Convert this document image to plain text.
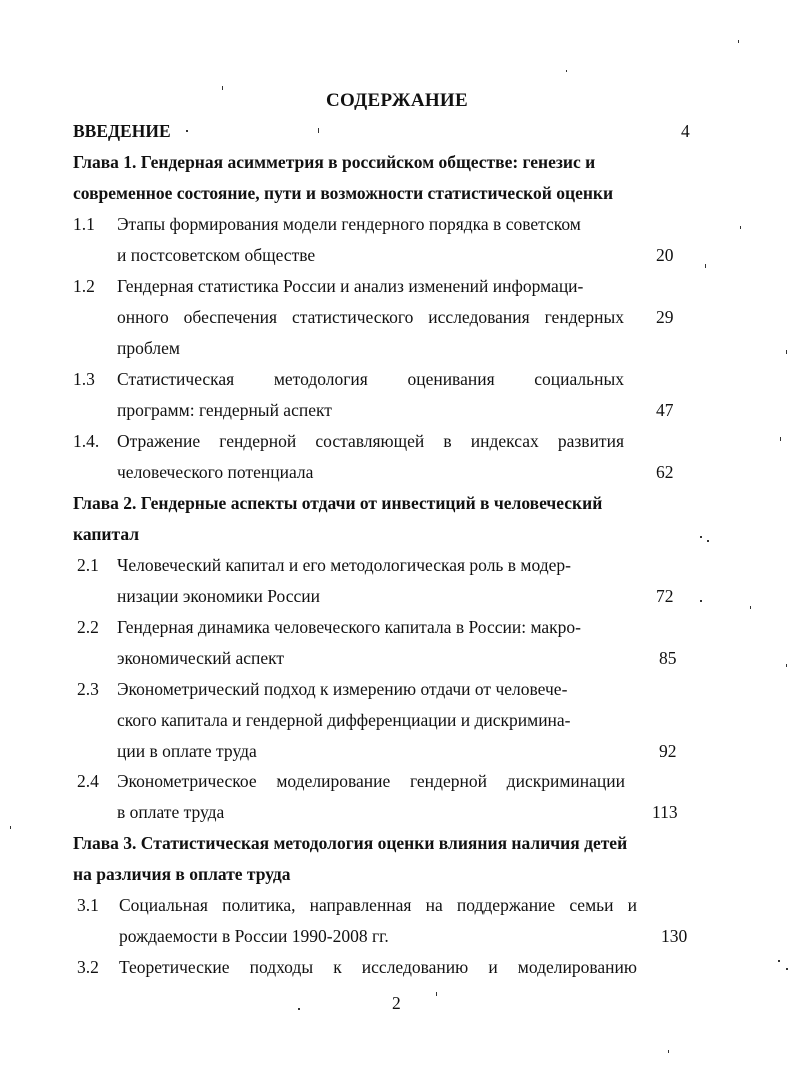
СОДЕРЖАНИЕ
ВВЕДЕНИЕ	4
Глава 1. Гендерная асимметрия в российском обществе: генезис и
современное состояние, пути и возможности статистической оценки
1.1 Этапы формирования модели гендерного порядка в советском
и постсоветском обществе	20
1.2 Гендерная статистика России и анализ изменений информаци-
онного обеспечения статистического исследования гендерных 29
проблем
1.3 Статистическая методология оценивания социальных
программ: гендерный аспект	47
1.4. Отражение гендерной составляющей в индексах развития
человеческого потенциала	62
Глава 2. Гендерные аспекты отдачи от инвестиций в человеческий
капитал
2.1 Человеческий капитал и его методологическая роль в модер-
низации экономики России	72
2.2 Гендерная динамика человеческого капитала в России: макро-
экономический аспект	85
2.3 Эконометрический подход к измерению отдачи от человече-
ского капитала и гендерной дифференциации и дискримина-
ции в оплате труда	92
2.4 Эконометрическое моделирование гендерной дискриминации
в оплате труда	113
Глава 3. Статистическая методология оценки влияния наличия детей
на различия в оплате труда
3.1 Социальная политика, направленная на поддержание семьи и
рождаемости в России 1990-2008 гг.	130
3.2 Теоретические подходы к исследованию и моделированию
2
